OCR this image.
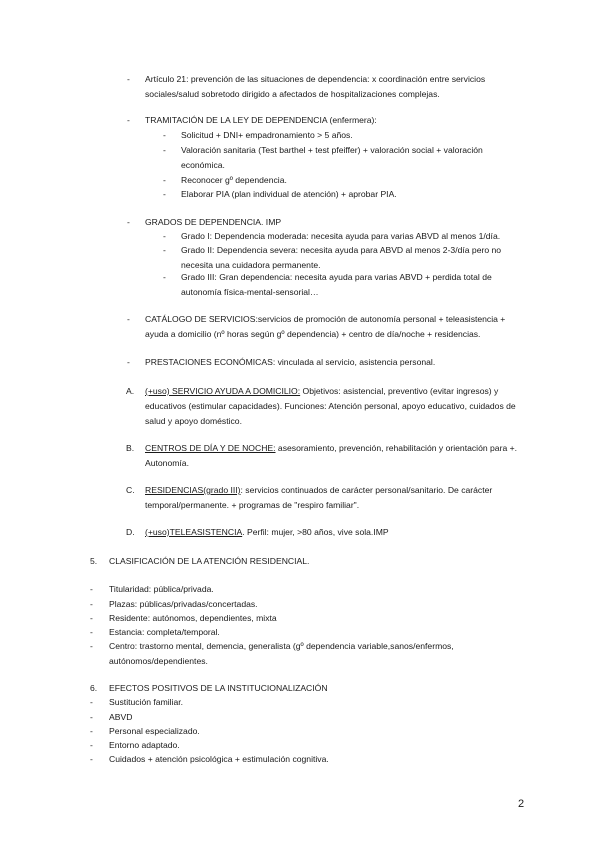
- Artículo 21: prevención de las situaciones de dependencia: x coordinación entre servicios sociales/salud sobretodo dirigido a afectados de hospitalizaciones complejas.
- TRAMITACIÓN DE LA LEY DE DEPENDENCIA (enfermera):
- Solicitud + DNI+ empadronamiento > 5 años.
- Valoración sanitaria (Test barthel + test pfeiffer) + valoración social + valoración económica.
- Reconocer gº dependencia.
- Elaborar PIA (plan individual de atención) + aprobar PIA.
- GRADOS DE DEPENDENCIA. IMP
- Grado I: Dependencia moderada: necesita ayuda para varias ABVD al menos 1/día.
- Grado II: Dependencia severa: necesita ayuda para ABVD al menos 2-3/día pero no necesita una cuidadora permanente.
- Grado III: Gran dependencia: necesita ayuda para varias ABVD + perdida total de autonomía física-mental-sensorial…
- CATÁLOGO DE SERVICIOS:servicios de promoción de autonomía personal + teleasistencia + ayuda a domicilio (nº horas según gº dependencia) + centro de día/noche + residencias.
- PRESTACIONES ECONÓMICAS: vinculada al servicio, asistencia personal.
A. (+uso) SERVICIO AYUDA A DOMICILIO: Objetivos: asistencial, preventivo (evitar ingresos) y educativos (estimular capacidades). Funciones: Atención personal, apoyo educativo, cuidados de salud y apoyo doméstico.
B. CENTROS DE DÍA Y DE NOCHE: asesoramiento, prevención, rehabilitación y orientación para +. Autonomía.
C. RESIDENCIAS(grado III): servicios continuados de carácter personal/sanitario. De carácter temporal/permanente. + programas de "respiro familiar".
D. (+uso)TELEASISTENCIA. Perfil: mujer, >80 años, vive sola.IMP
5. CLASIFICACIÓN DE LA ATENCIÓN RESIDENCIAL.
- Titularidad: pública/privada.
- Plazas: públicas/privadas/concertadas.
- Residente: autónomos, dependientes, mixta
- Estancia: completa/temporal.
- Centro: trastorno mental, demencia, generalista (gº dependencia variable,sanos/enfermos, autónomos/dependientes.
6. EFECTOS POSITIVOS DE LA INSTITUCIONALIZACIÓN
- Sustitución familiar.
- ABVD
- Personal especializado.
- Entorno adaptado.
- Cuidados + atención psicológica + estimulación cognitiva.
2
